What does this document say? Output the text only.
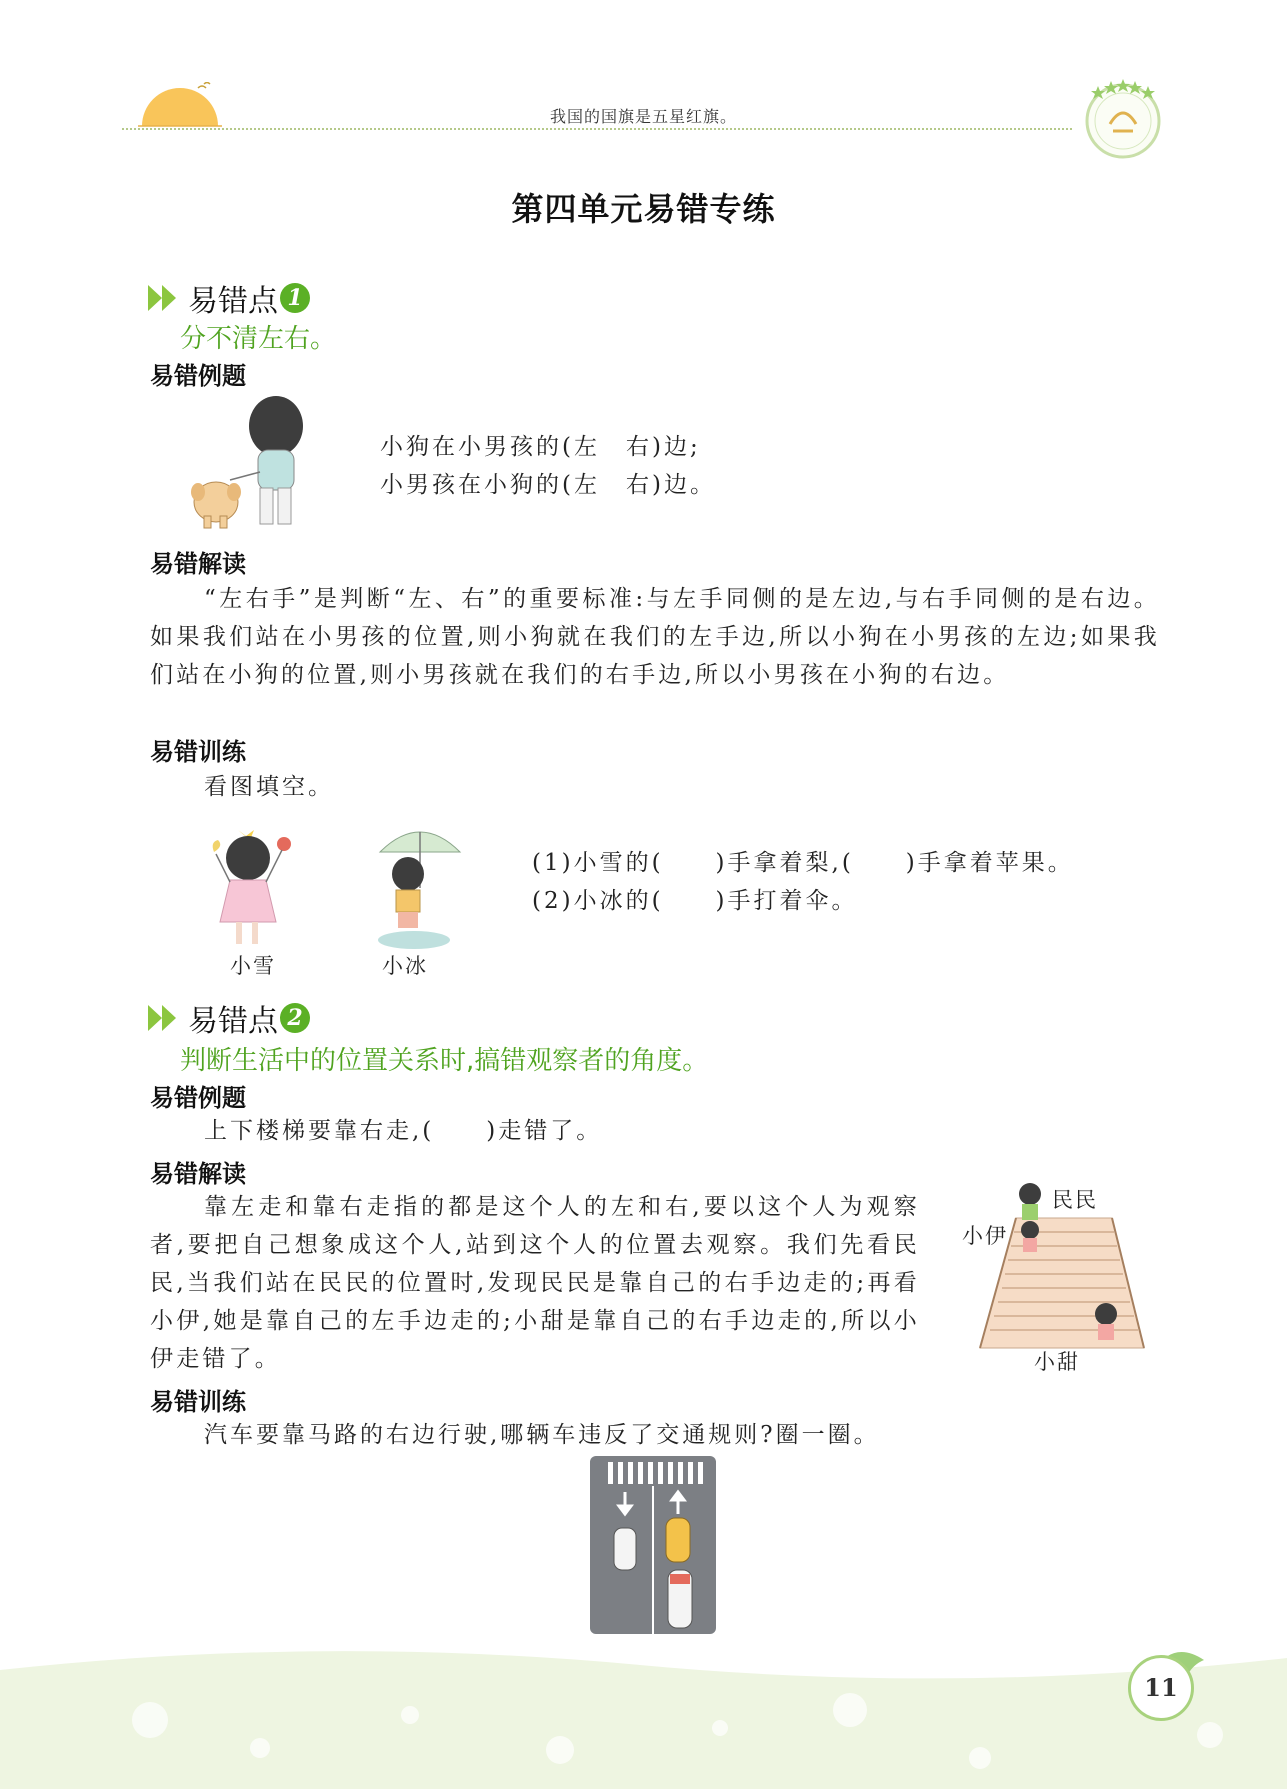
我国的国旗是五星红旗。
第四单元易错专练
易错点 1
分不清左右。
易错例题
小狗在小男孩的(左　右)边;
小男孩在小狗的(左　右)边。
易错解读
“左右手”是判断“左、右”的重要标准:与左手同侧的是左边,与右手同侧的是右边。如果我们站在小男孩的位置,则小狗就在我们的左手边,所以小狗在小男孩的左边;如果我们站在小狗的位置,则小男孩就在我们的右手边,所以小男孩在小狗的右边。
易错训练
看图填空。
小雪	小冰
(1)小雪的(　　)手拿着梨,(　　)手拿着苹果。
(2)小冰的(　　)手打着伞。
易错点 2
判断生活中的位置关系时,搞错观察者的角度。
易错例题
上下楼梯要靠右走,(　　)走错了。
易错解读
靠左走和靠右走指的都是这个人的左和右,要以这个人为观察者,要把自己想象成这个人,站到这个人的位置去观察。我们先看民民,当我们站在民民的位置时,发现民民是靠自己的右手边走的;再看小伊,她是靠自己的左手边走的;小甜是靠自己的右手边走的,所以小伊走错了。
民民
小伊
小甜
易错训练
汽车要靠马路的右边行驶,哪辆车违反了交通规则?圈一圈。
11
